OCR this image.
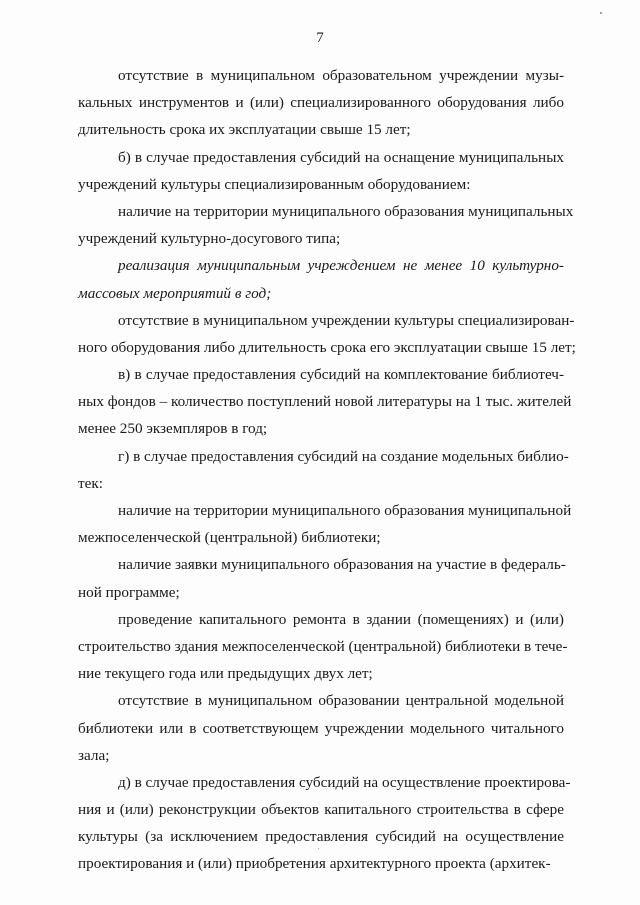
7
отсутствие в муниципальном образовательном учреждении музы-
кальных инструментов и (или) специализированного оборудования либо
длительность срока их эксплуатации свыше 15 лет;
б) в случае предоставления субсидий на оснащение муниципальных
учреждений культуры специализированным оборудованием:
наличие на территории муниципального образования муниципальных
учреждений культурно-досугового типа;
реализация муниципальным учреждением не менее 10 культурно-
массовых мероприятий в год;
отсутствие в муниципальном учреждении культуры специализирован-
ного оборудования либо длительность срока его эксплуатации свыше 15 лет;
в) в случае предоставления субсидий на комплектование библиотеч-
ных фондов – количество поступлений новой литературы на 1 тыс. жителей
менее 250 экземпляров в год;
г) в случае предоставления субсидий на создание модельных библио-
тек:
наличие на территории муниципального образования муниципальной
межпоселенческой (центральной) библиотеки;
наличие заявки муниципального образования на участие в федераль-
ной программе;
проведение капитального ремонта в здании (помещениях) и (или)
строительство здания межпоселенческой (центральной) библиотеки в тече-
ние текущего года или предыдущих двух лет;
отсутствие в муниципальном образовании центральной модельной
библиотеки или в соответствующем учреждении модельного читального
зала;
д) в случае предоставления субсидий на осуществление проектирова-
ния и (или) реконструкции объектов капитального строительства в сфере
культуры (за исключением предоставления субсидий на осуществление
проектирования и (или) приобретения архитектурного проекта (архитек-
